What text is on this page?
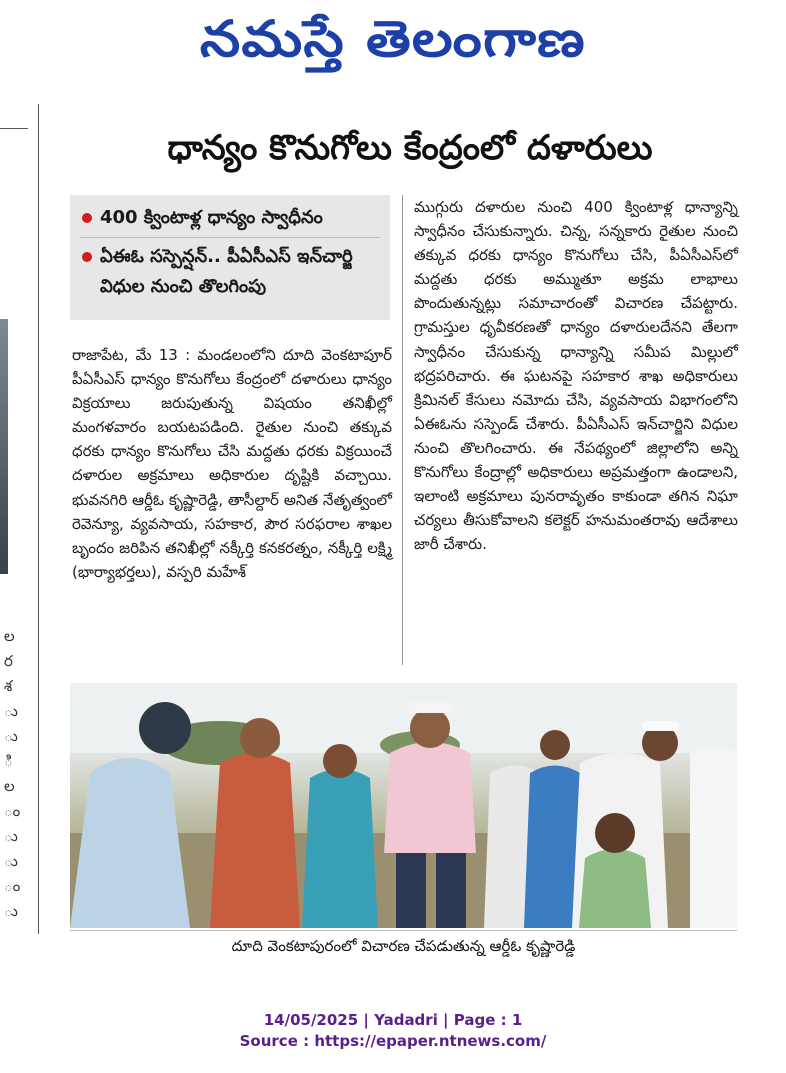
నమస్తే తెలంగాణ
ల
ర
శ
ు
ు
ి
ల
ం
ు
ు
ం
ు
ధాన్యం కొనుగోలు కేంద్రంలో దళారులు
400 క్వింటాళ్ల ధాన్యం స్వాధీనం
ఏఈఓ సస్పెన్షన్.. పీఏసీఎస్ ఇన్‌చార్జి విధుల నుంచి తొలగింపు
రాజాపేట, మే 13 : మండలంలోని దూది వెంకటాపూర్ పీఏసీఎస్ ధాన్యం కొనుగోలు కేంద్రంలో దళారులు ధాన్యం విక్రయాలు జరుపుతున్న విషయం తనిఖీల్లో మంగళవారం బయటపడింది. రైతుల నుంచి తక్కువ ధరకు ధాన్యం కొనుగోలు చేసి మద్దతు ధరకు విక్రయించే దళారుల అక్రమాలు అధికారుల దృష్టికి వచ్చాయి. భువనగిరి ఆర్డీఓ కృష్ణారెడ్డి, తాసీల్దార్ అనిత నేతృత్వంలో రెవెన్యూ, వ్యవసాయ, సహకార, పౌర సరఫరాల శాఖల బృందం జరిపిన తనిఖీల్లో నక్కీర్తి కనకరత్నం, నక్కీర్తి లక్ష్మి (భార్యాభర్తలు), వస్పరి మహేశ్
ముగ్గురు దళారుల నుంచి 400 క్వింటాళ్ల ధాన్యాన్ని స్వాధీనం చేసుకున్నారు. చిన్న, సన్నకారు రైతుల నుంచి తక్కువ ధరకు ధాన్యం కొనుగోలు చేసి, పీఏసీఎస్‌లో మద్దతు ధరకు అమ్ముతూ అక్రమ లాభాలు పొందుతున్నట్లు సమాచారంతో విచారణ చేపట్టారు. గ్రామస్తుల ధృవీకరణతో ధాన్యం దళారులదేనని తేలగా స్వాధీనం చేసుకున్న ధాన్యాన్ని సమీప మిల్లులో భద్రపరిచారు. ఈ ఘటనపై సహకార శాఖ అధికారులు క్రిమినల్ కేసులు నమోదు చేసి, వ్యవసాయ విభాగంలోని ఏఈఓను సస్పెండ్ చేశారు. పీఏసీఎస్ ఇన్‌చార్జిని విధుల నుంచి తొలగించారు. ఈ నేపథ్యంలో జిల్లాలోని అన్ని కొనుగోలు కేంద్రాల్లో అధికారులు అప్రమత్తంగా ఉండాలని, ఇలాంటి అక్రమాలు పునరావృతం కాకుండా తగిన నిఘా చర్యలు తీసుకోవాలని కలెక్టర్ హనుమంతరావు ఆదేశాలు జారీ చేశారు.
దూది వెంకటాపురంలో విచారణ చేపడుతున్న ఆర్డీఓ కృష్ణారెడ్డి
14/05/2025 | Yadadri | Page : 1
Source : https://epaper.ntnews.com/
